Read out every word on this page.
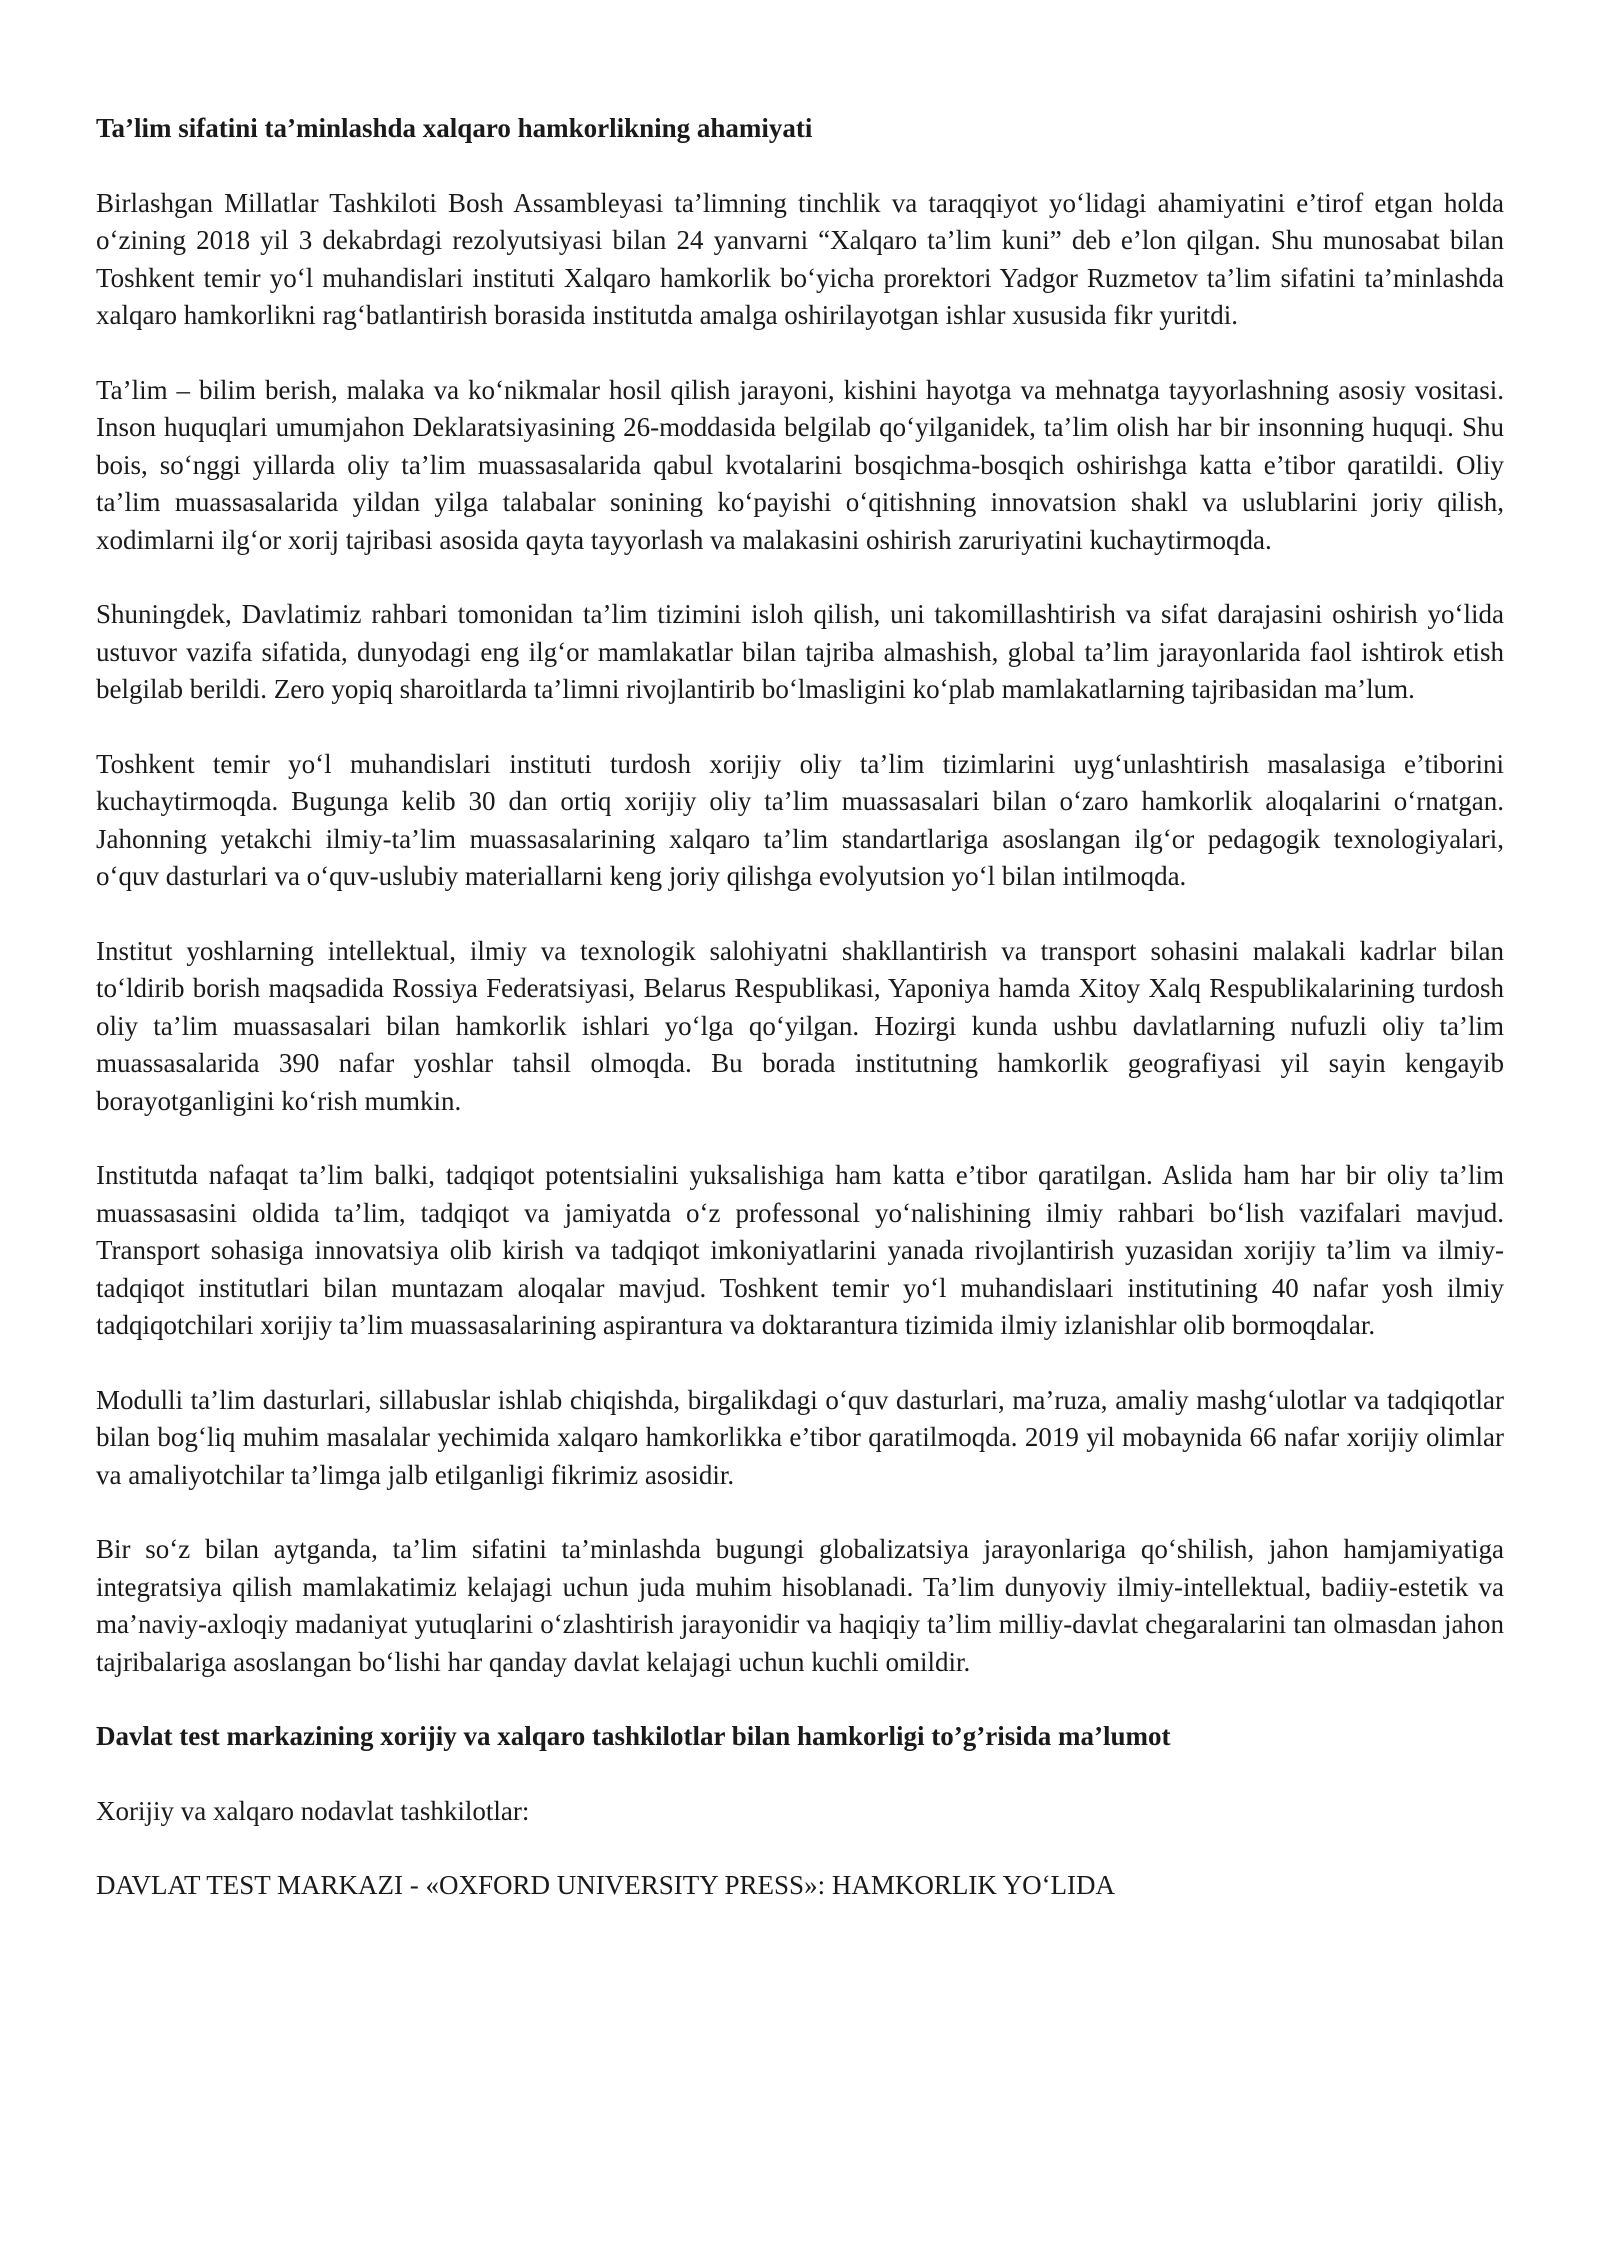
Ta’lim sifatini ta’minlashda xalqaro hamkorlikning ahamiyati
Birlashgan Millatlar Tashkiloti Bosh Assambleyasi ta’limning tinchlik va taraqqiyot yo‘lidagi ahamiyatini e’tirof etgan holda o‘zining 2018 yil 3 dekabrdagi rezolyutsiyasi bilan 24 yanvarni “Xalqaro ta’lim kuni” deb e’lon qilgan. Shu munosabat bilan Toshkent temir yo‘l muhandislari instituti Xalqaro hamkorlik bo‘yicha prorektori Yadgor Ruzmetov ta’lim sifatini ta’minlashda xalqaro hamkorlikni rag‘batlantirish borasida institutda amalga oshirilayotgan ishlar xususida fikr yuritdi.
Ta’lim – bilim berish, malaka va ko‘nikmalar hosil qilish jarayoni, kishini hayotga va mehnatga tayyorlashning asosiy vositasi. Inson huquqlari umumjahon Deklaratsiyasining 26-moddasida belgilab qo‘yilganidek, ta’lim olish har bir insonning huquqi. Shu bois, so‘nggi yillarda oliy ta’lim muassasalarida qabul kvotalarini bosqichma-bosqich oshirishga katta e’tibor qaratildi. Oliy ta’lim muassasalarida yildan yilga talabalar sonining ko‘payishi o‘qitishning innovatsion shakl va uslublarini joriy qilish, xodimlarni ilg‘or xorij tajribasi asosida qayta tayyorlash va malakasini oshirish zaruriyatini kuchaytirmoqda.
Shuningdek, Davlatimiz rahbari tomonidan ta’lim tizimini isloh qilish, uni takomillashtirish va sifat darajasini oshirish yo‘lida ustuvor vazifa sifatida, dunyodagi eng ilg‘or mamlakatlar bilan tajriba almashish, global ta’lim jarayonlarida faol ishtirok etish belgilab berildi. Zero yopiq sharoitlarda ta’limni rivojlantirib bo‘lmasligini ko‘plab mamlakatlarning tajribasidan ma’lum.
Toshkent temir yo‘l muhandislari instituti turdosh xorijiy oliy ta’lim tizimlarini uyg‘unlashtirish masalasiga e’tiborini kuchaytirmoqda. Bugunga kelib 30 dan ortiq xorijiy oliy ta’lim muassasalari bilan o‘zaro hamkorlik aloqalarini o‘rnatgan. Jahonning yetakchi ilmiy-ta’lim muassasalarining xalqaro ta’lim standartlariga asoslangan ilg‘or pedagogik texnologiyalari, o‘quv dasturlari va o‘quv-uslubiy materiallarni keng joriy qilishga evolyutsion yo‘l bilan intilmoqda.
Institut yoshlarning intellektual, ilmiy va texnologik salohiyatni shakllantirish va transport sohasini malakali kadrlar bilan to‘ldirib borish maqsadida Rossiya Federatsiyasi, Belarus Respublikasi, Yaponiya hamda Xitoy Xalq Respublikalarining turdosh oliy ta’lim muassasalari bilan hamkorlik ishlari yo‘lga qo‘yilgan. Hozirgi kunda ushbu davlatlarning nufuzli oliy ta’lim muassasalarida 390 nafar yoshlar tahsil olmoqda. Bu borada institutning hamkorlik geografiyasi yil sayin kengayib borayotganligini ko‘rish mumkin.
Institutda nafaqat ta’lim balki, tadqiqot potentsialini yuksalishiga ham katta e’tibor qaratilgan. Aslida ham har bir oliy ta’lim muassasasini oldida ta’lim, tadqiqot va jamiyatda o‘z professonal yo‘nalishining ilmiy rahbari bo‘lish vazifalari mavjud. Transport sohasiga innovatsiya olib kirish va tadqiqot imkoniyatlarini yanada rivojlantirish yuzasidan xorijiy ta’lim va ilmiy-tadqiqot institutlari bilan muntazam aloqalar mavjud. Toshkent temir yo‘l muhandislaari institutining 40 nafar yosh ilmiy tadqiqotchilari xorijiy ta’lim muassasalarining aspirantura va doktarantura tizimida ilmiy izlanishlar olib bormoqdalar.
Modulli ta’lim dasturlari, sillabuslar ishlab chiqishda, birgalikdagi o‘quv dasturlari, ma’ruza, amaliy mashg‘ulotlar va tadqiqotlar bilan bog‘liq muhim masalalar yechimida xalqaro hamkorlikka e’tibor qaratilmoqda. 2019 yil mobaynida 66 nafar xorijiy olimlar va amaliyotchilar ta’limga jalb etilganligi fikrimiz asosidir.
Bir so‘z bilan aytganda, ta’lim sifatini ta’minlashda bugungi globalizatsiya jarayonlariga qo‘shilish, jahon hamjamiyatiga integratsiya qilish mamlakatimiz kelajagi uchun juda muhim hisoblanadi. Ta’lim dunyoviy ilmiy-intellektual, badiiy-estetik va ma’naviy-axloqiy madaniyat yutuqlarini o‘zlashtirish jarayonidir va haqiqiy ta’lim milliy-davlat chegaralarini tan olmasdan jahon tajribalariga asoslangan bo‘lishi har qanday davlat kelajagi uchun kuchli omildir.
Davlat test markazining xorijiy va xalqaro tashkilotlar bilan hamkorligi to’g’risida ma’lumot
Xorijiy va xalqaro nodavlat tashkilotlar:
DAVLAT TEST MARKAZI - «OXFORD UNIVERSITY PRESS»: HAMKORLIK YO‘LIDA
